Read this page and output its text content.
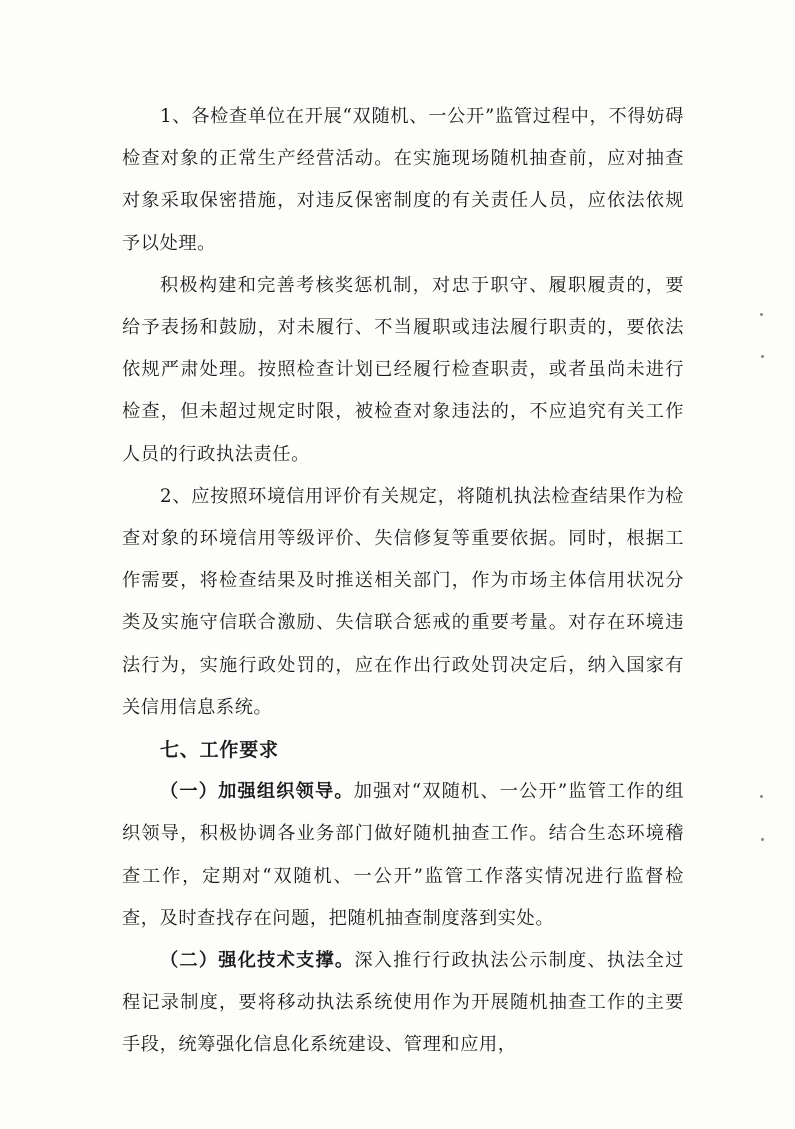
1、各检查单位在开展“双随机、一公开”监管过程中，不得妨碍检查对象的正常生产经营活动。在实施现场随机抽查前，应对抽查对象采取保密措施，对违反保密制度的有关责任人员，应依法依规予以处理。

积极构建和完善考核奖惩机制，对忠于职守、履职履责的，要给予表扬和鼓励，对未履行、不当履职或违法履行职责的，要依法依规严肃处理。按照检查计划已经履行检查职责，或者虽尚未进行检查，但未超过规定时限，被检查对象违法的，不应追究有关工作人员的行政执法责任。

2、应按照环境信用评价有关规定，将随机执法检查结果作为检查对象的环境信用等级评价、失信修复等重要依据。同时，根据工作需要，将检查结果及时推送相关部门，作为市场主体信用状况分类及实施守信联合激励、失信联合惩戒的重要考量。对存在环境违法行为，实施行政处罚的，应在作出行政处罚决定后，纳入国家有关信用信息系统。

七、工作要求

（一）加强组织领导。加强对“双随机、一公开”监管工作的组织领导，积极协调各业务部门做好随机抽查工作。结合生态环境稽查工作，定期对“双随机、一公开”监管工作落实情况进行监督检查，及时查找存在问题，把随机抽查制度落到实处。

（二）强化技术支撑。深入推行行政执法公示制度、执法全过程记录制度，要将移动执法系统使用作为开展随机抽查工作的主要手段，统筹强化信息化系统建设、管理和应用，
